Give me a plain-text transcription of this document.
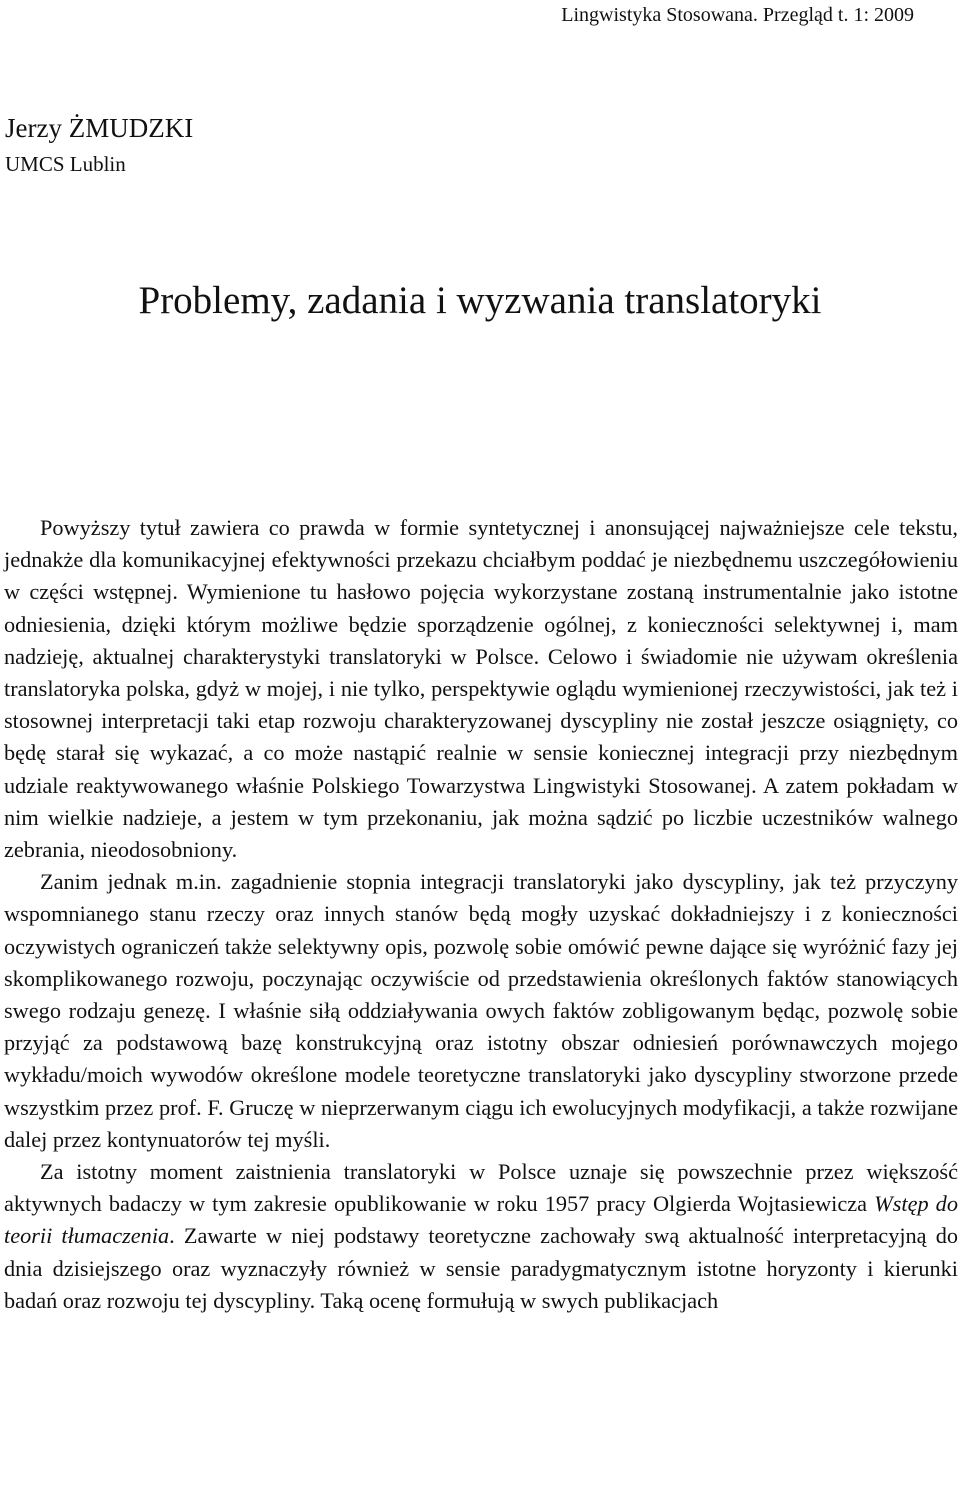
Lingwistyka Stosowana. Przegląd t. 1: 2009

Jerzy ŻMUDZKI

UMCS Lublin

Problemy, zadania i wyzwania translatoryki

Powyższy tytuł zawiera co prawda w formie syntetycznej i anonsującej najważniejsze cele tekstu, jednakże dla komunikacyjnej efektywności przekazu chciałbym poddać je niezbędnemu uszczegółowieniu w części wstępnej. Wymienione tu hasłowo pojęcia wykorzystane zostaną instrumentalnie jako istotne odniesienia, dzięki którym możliwe będzie sporządzenie ogólnej, z konieczności selektywnej i, mam nadzieję, aktualnej charakterystyki translatoryki w Polsce. Celowo i świadomie nie używam określenia translatoryka polska, gdyż w mojej, i nie tylko, perspektywie oglądu wymienionej rzeczywistości, jak też i stosownej interpretacji taki etap rozwoju charakteryzowanej dyscypliny nie został jeszcze osiągnięty, co będę starał się wykazać, a co może nastąpić realnie w sensie koniecznej integracji przy niezbędnym udziale reaktywowanego właśnie Polskiego Towarzystwa Lingwistyki Stosowanej. A zatem pokładam w nim wielkie nadzieje, a jestem w tym przekonaniu, jak można sądzić po liczbie uczestników walnego zebrania, nieodosobniony.

Zanim jednak m.in. zagadnienie stopnia integracji translatoryki jako dyscypliny, jak też przyczyny wspomnianego stanu rzeczy oraz innych stanów będą mogły uzyskać dokładniejszy i z konieczności oczywistych ograniczeń także selektywny opis, pozwolę sobie omówić pewne dające się wyróżnić fazy jej skomplikowanego rozwoju, poczynając oczywiście od przedstawienia określonych faktów stanowiących swego rodzaju genezę. I właśnie siłą oddziaływania owych faktów zobligowanym będąc, pozwolę sobie przyjąć za podstawową bazę konstrukcyjną oraz istotny obszar odniesień porównawczych mojego wykładu/moich wywodów określone modele teoretyczne translatoryki jako dyscypliny stworzone przede wszystkim przez prof. F. Gruczę w nieprzerwanym ciągu ich ewolucyjnych modyfikacji, a także rozwijane dalej przez kontynuatorów tej myśli.

Za istotny moment zaistnienia translatoryki w Polsce uznaje się powszechnie przez większość aktywnych badaczy w tym zakresie opublikowanie w roku 1957 pracy Olgierda Wojtasiewicza Wstęp do teorii tłumaczenia. Zawarte w niej podstawy teoretyczne zachowały swą aktualność interpretacyjną do dnia dzisiejszego oraz wyznaczyły również w sensie paradygmatycznym istotne horyzonty i kierunki badań oraz rozwoju tej dyscypliny. Taką ocenę formułują w swych publikacjach
